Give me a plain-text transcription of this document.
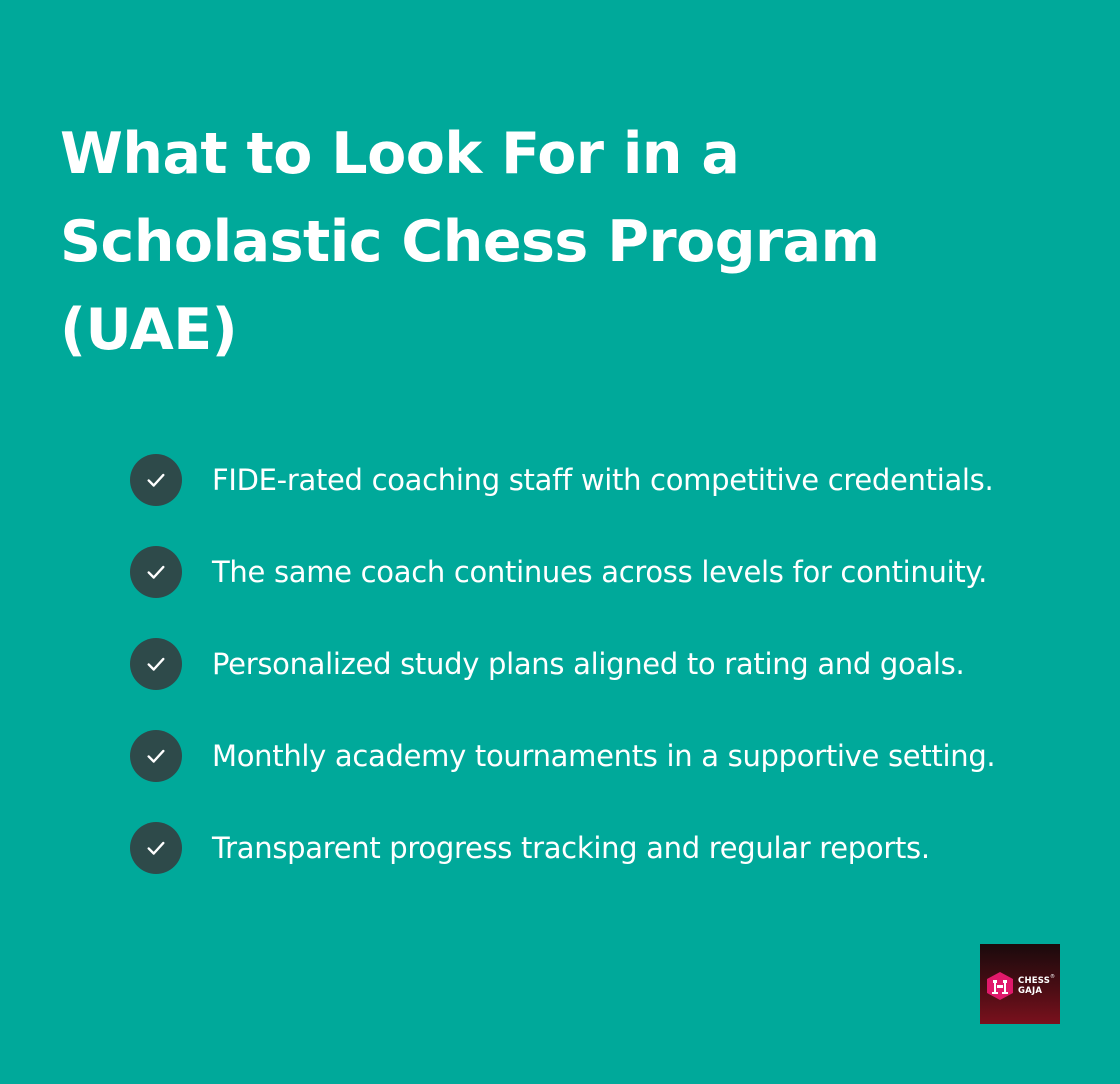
What to Look For in a Scholastic Chess Program (UAE)
FIDE-rated coaching staff with competitive credentials.
The same coach continues across levels for continuity.
Personalized study plans aligned to rating and goals.
Monthly academy tournaments in a supportive setting.
Transparent progress tracking and regular reports.
CHESS
GAJA
®
